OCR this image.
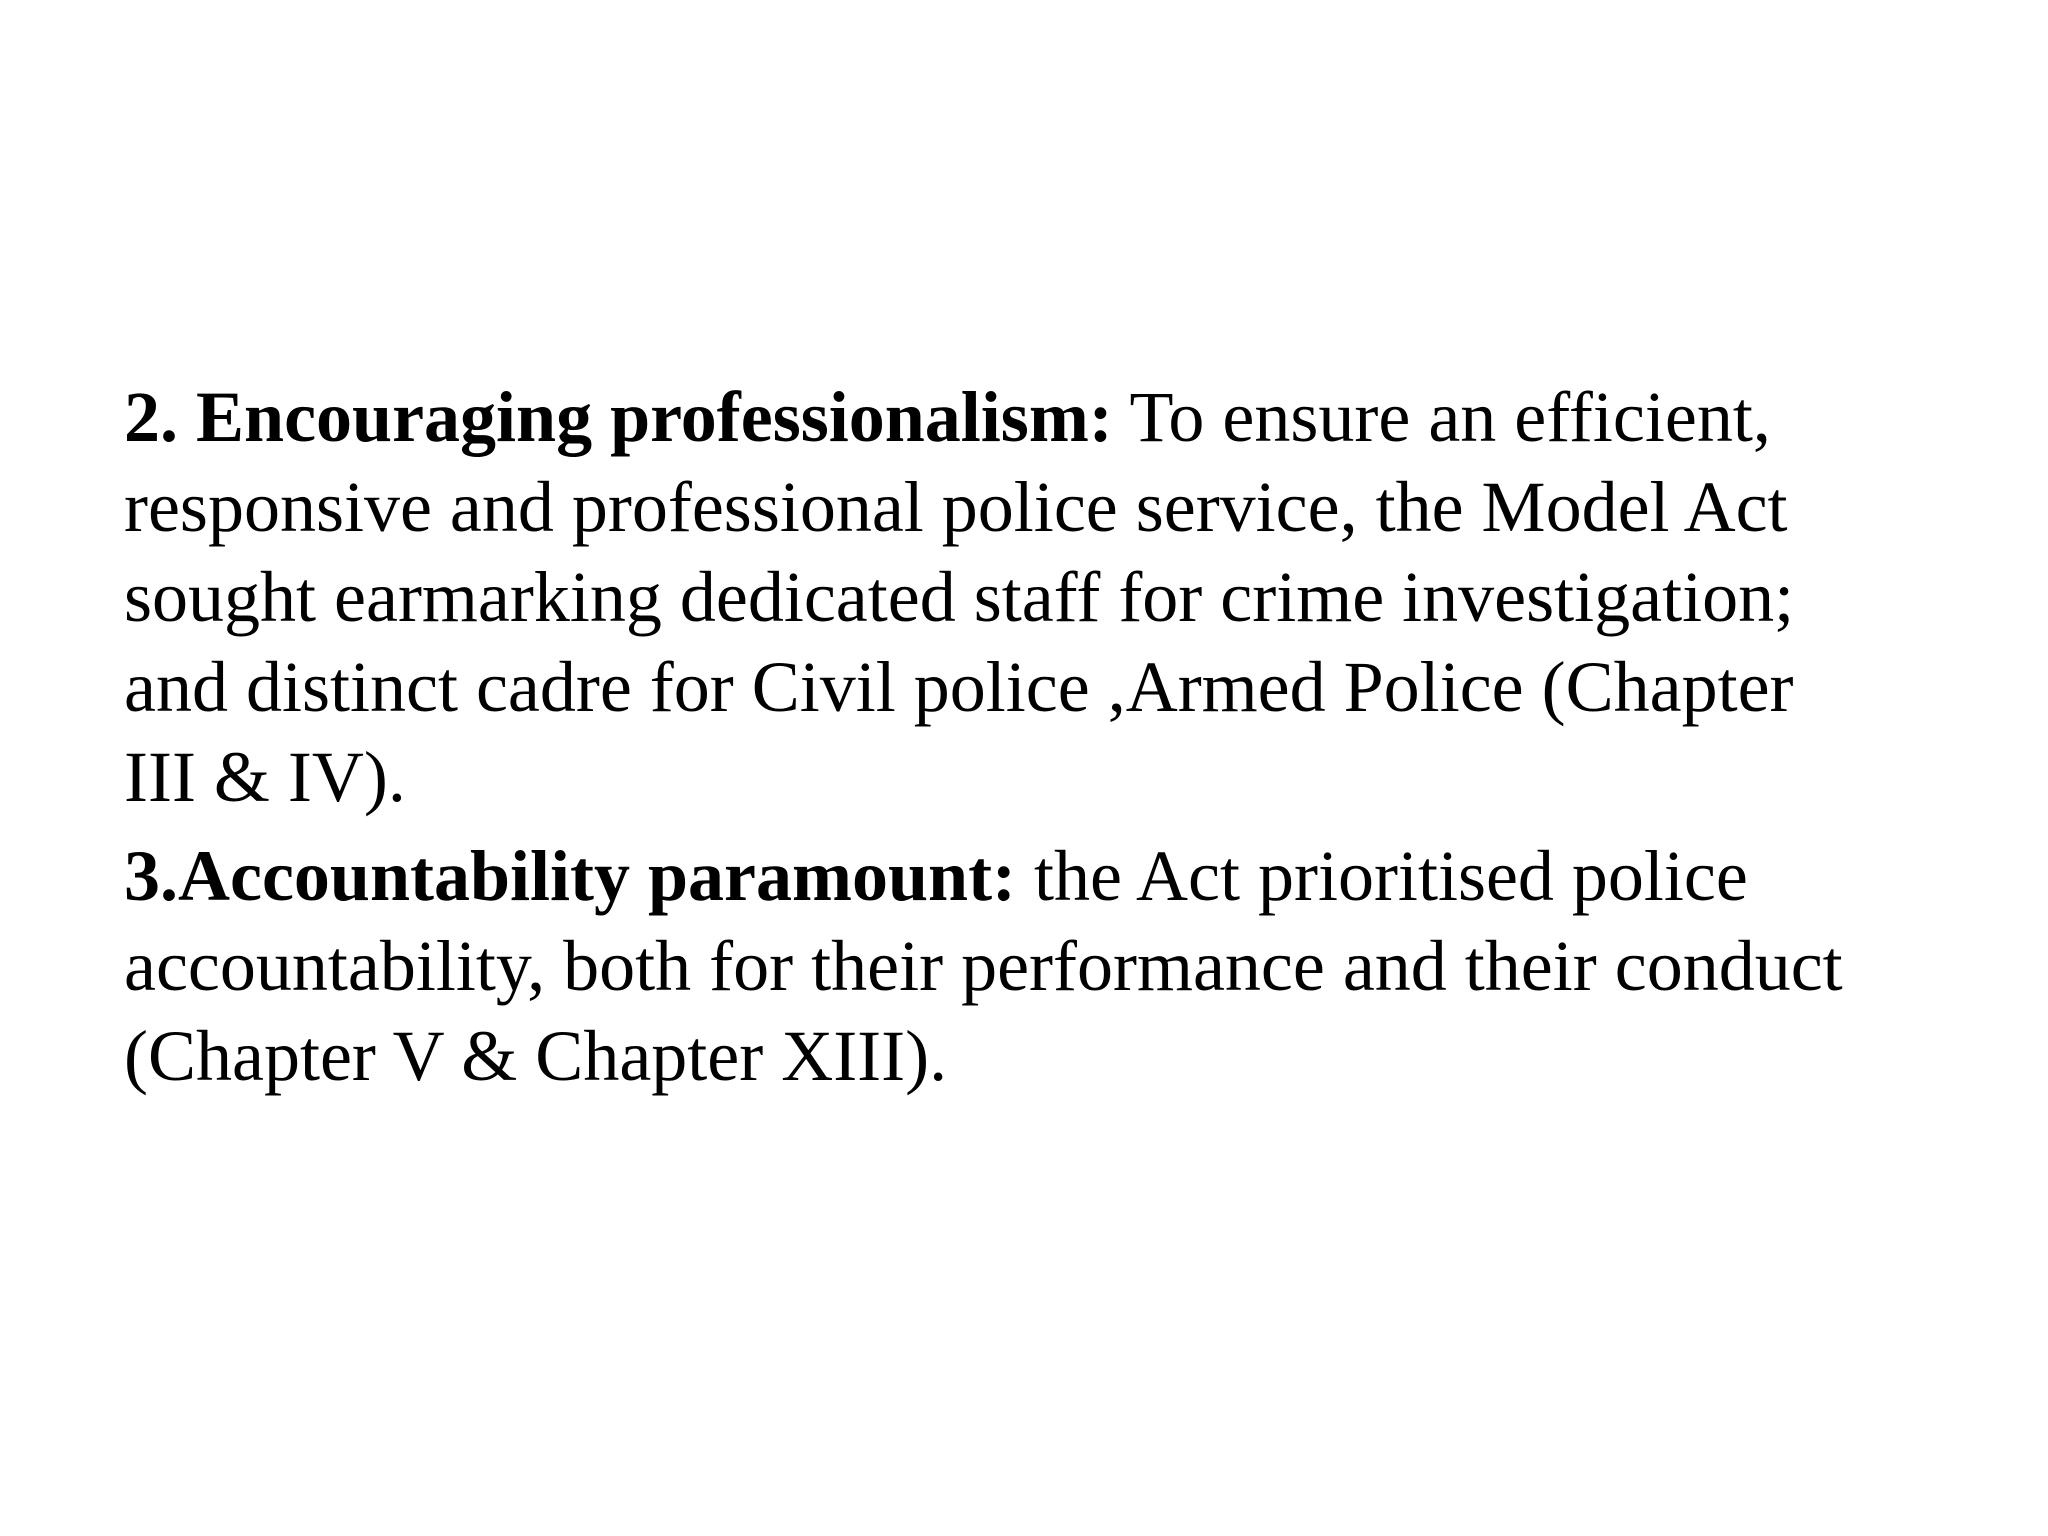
2. Encouraging professionalism: To ensure an efficient,
responsive and professional police service, the Model Act
sought earmarking dedicated staff for crime investigation;
and distinct cadre for Civil police ,Armed Police (Chapter
III & IV).

3.Accountability paramount: the Act prioritised police
accountability, both for their performance and their conduct
(Chapter V & Chapter XIII).
